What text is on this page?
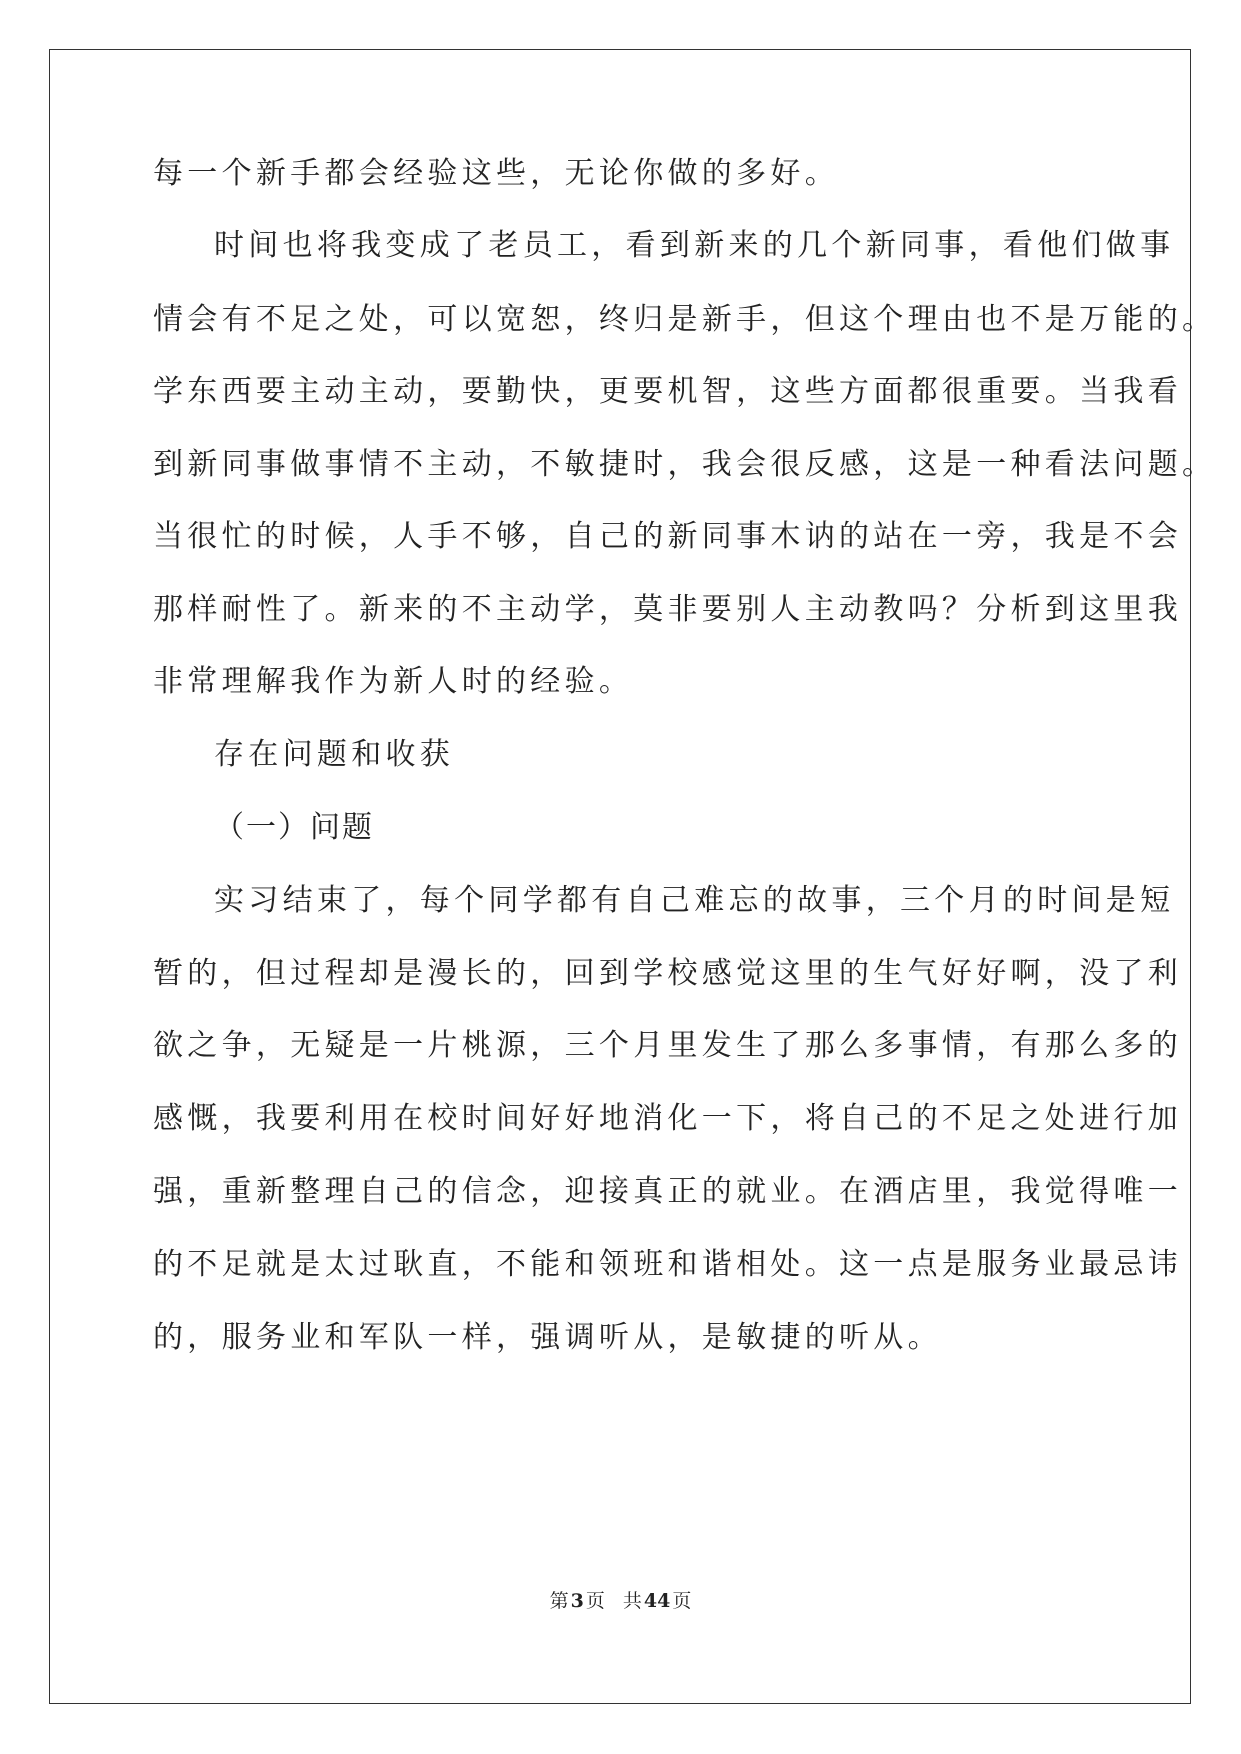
每一个新手都会经验这些，无论你做的多好。
时间也将我变成了老员工，看到新来的几个新同事，看他们做事
情会有不足之处，可以宽恕，终归是新手，但这个理由也不是万能的。
学东西要主动主动，要勤快，更要机智，这些方面都很重要。当我看
到新同事做事情不主动，不敏捷时，我会很反感，这是一种看法问题。
当很忙的时候，人手不够，自己的新同事木讷的站在一旁，我是不会
那样耐性了。新来的不主动学，莫非要别人主动教吗？分析到这里我
非常理解我作为新人时的经验。
存在问题和收获
（一）问题
实习结束了，每个同学都有自己难忘的故事，三个月的时间是短
暂的，但过程却是漫长的，回到学校感觉这里的生气好好啊，没了利
欲之争，无疑是一片桃源，三个月里发生了那么多事情，有那么多的
感慨，我要利用在校时间好好地消化一下，将自己的不足之处进行加
强，重新整理自己的信念，迎接真正的就业。在酒店里，我觉得唯一
的不足就是太过耿直，不能和领班和谐相处。这一点是服务业最忌讳
的，服务业和军队一样，强调听从，是敏捷的听从。
第 3 页 共 44 页
